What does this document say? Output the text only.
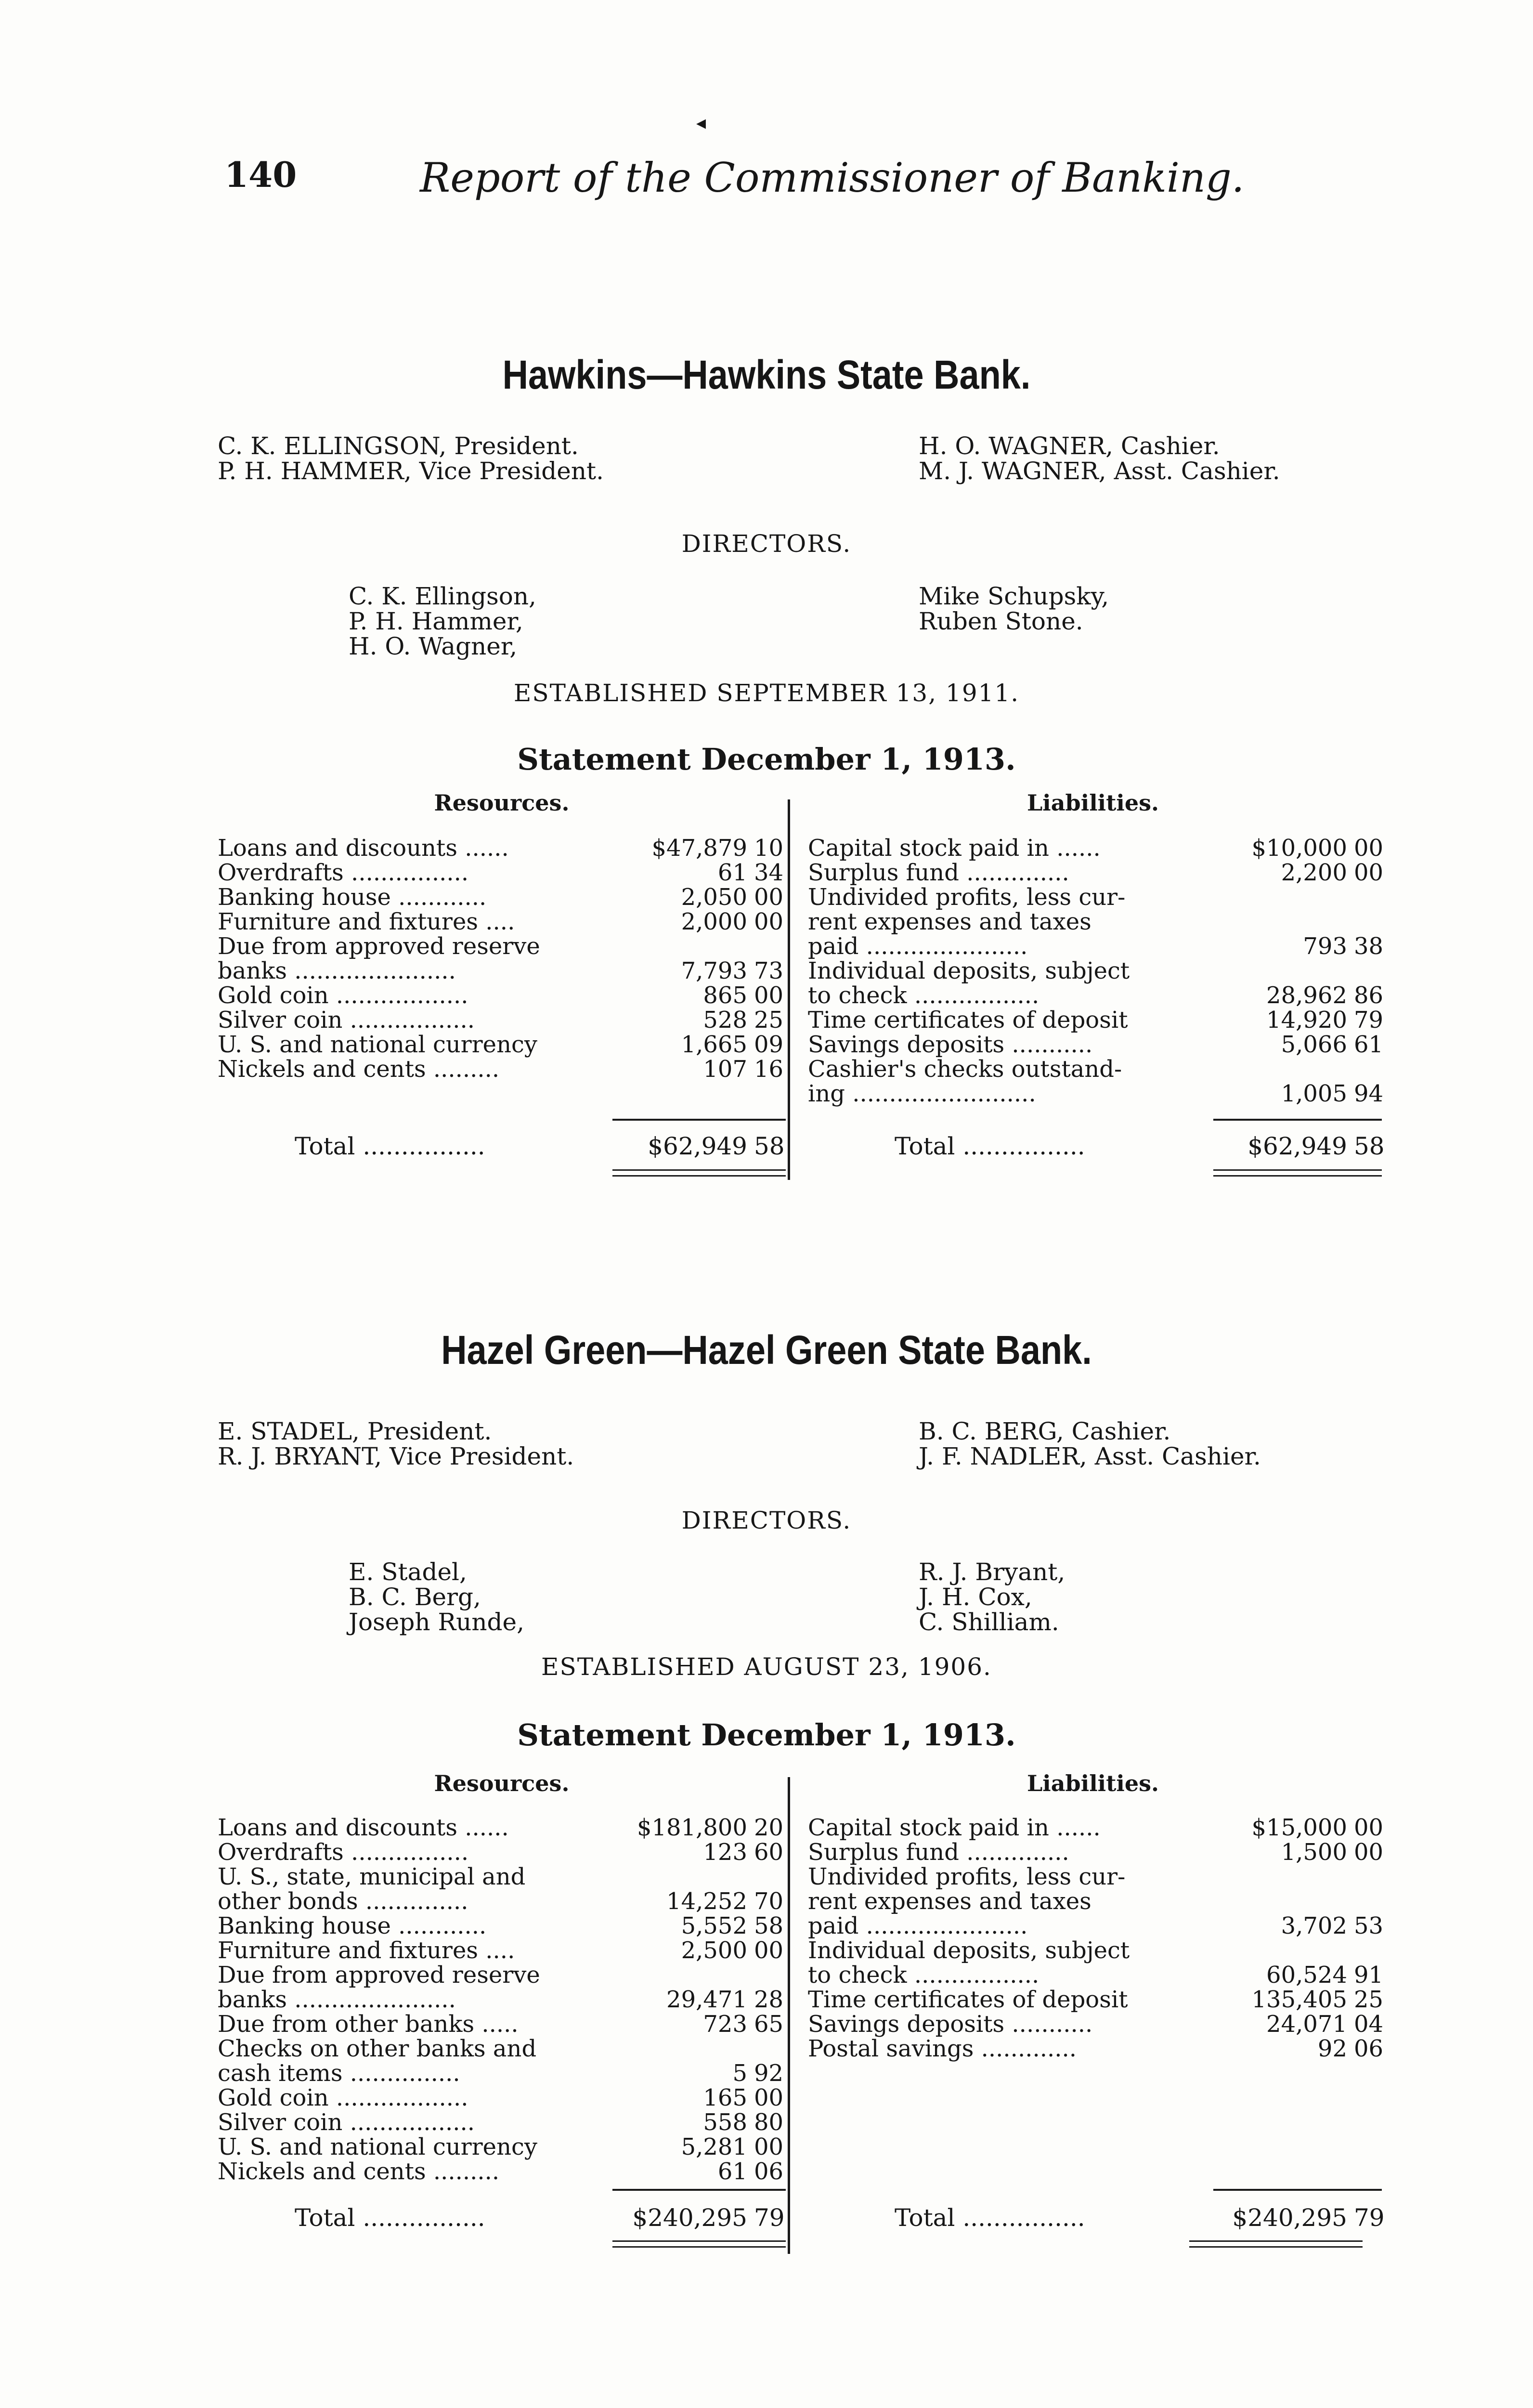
◂
140	Report of the Commissioner of Banking.
Hawkins—Hawkins State Bank.
C. K. ELLINGSON, President.
P. H. HAMMER, Vice President.
H. O. WAGNER, Cashier.
M. J. WAGNER, Asst. Cashier.
DIRECTORS.
C. K. Ellingson,
P. H. Hammer,
H. O. Wagner,
Mike Schupsky,
Ruben Stone.
ESTABLISHED SEPTEMBER 13, 1911.
Statement December 1, 1913.
Resources.	Liabilities.
Loans and discounts ......	$47,879 10
Overdrafts ................	61 34
Banking house ............	2,050 00
Furniture and fixtures ....	2,000 00
Due from approved reserve
banks ......................	7,793 73
Gold coin ..................	865 00
Silver coin .................	528 25
U. S. and national currency	1,665 09
Nickels and cents .........	107 16
Capital stock paid in ......	$10,000 00
Surplus fund ..............	2,200 00
Undivided profits, less cur-
rent expenses and taxes
paid ......................	793 38
Individual deposits, subject
to check .................	28,962 86
Time certificates of deposit	14,920 79
Savings deposits ...........	5,066 61
Cashier's checks outstand-
ing .........................	1,005 94
Total ................	$62,949 58	Total ................	$62,949 58
Hazel Green—Hazel Green State Bank.
E. STADEL, President.
R. J. BRYANT, Vice President.
B. C. BERG, Cashier.
J. F. NADLER, Asst. Cashier.
DIRECTORS.
E. Stadel,
B. C. Berg,
Joseph Runde,
R. J. Bryant,
J. H. Cox,
C. Shilliam.
ESTABLISHED AUGUST 23, 1906.
Statement December 1, 1913.
Resources.	Liabilities.
Loans and discounts ......	$181,800 20
Overdrafts ................	123 60
U. S., state, municipal and
other bonds ..............	14,252 70
Banking house ............	5,552 58
Furniture and fixtures ....	2,500 00
Due from approved reserve
banks ......................	29,471 28
Due from other banks .....	723 65
Checks on other banks and
cash items ...............	5 92
Gold coin ..................	165 00
Silver coin .................	558 80
U. S. and national currency	5,281 00
Nickels and cents .........	61 06
Capital stock paid in ......	$15,000 00
Surplus fund ..............	1,500 00
Undivided profits, less cur-
rent expenses and taxes
paid ......................	3,702 53
Individual deposits, subject
to check .................	60,524 91
Time certificates of deposit	135,405 25
Savings deposits ...........	24,071 04
Postal savings .............	92 06
Total ................	$240,295 79	Total ................	$240,295 79
